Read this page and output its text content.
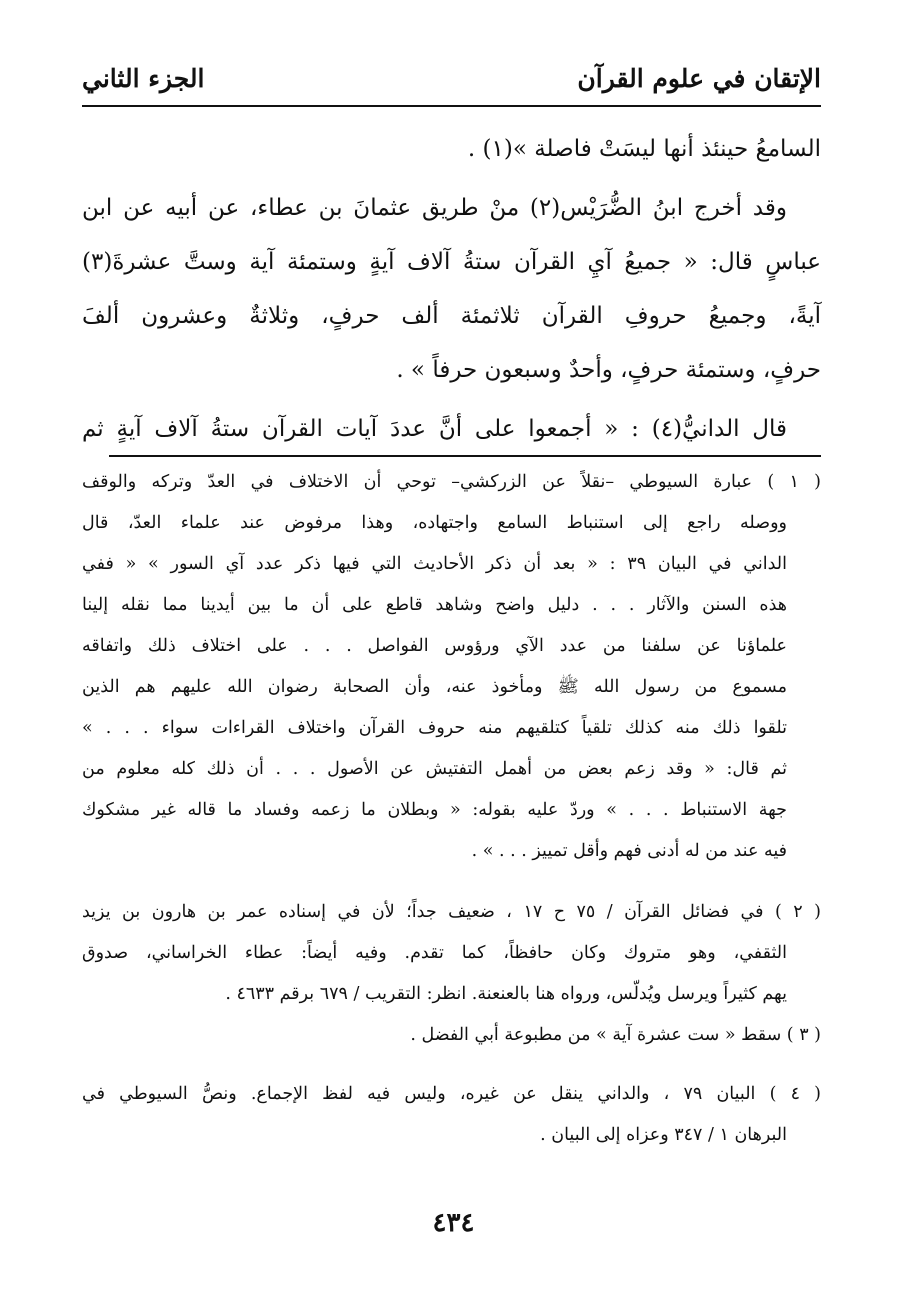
الإتقان في علوم القرآن
الجزء الثاني
السامعُ حينئذ أنها ليسَتْ فاصلة »(١) .
وقد أخرج ابنُ الضُّرَيْس(٢) منْ طريق عثمانَ بن عطاء، عن أبيه عن ابن
عباسٍ قال: « جميعُ آيِ القرآن ستةُ آلاف آيةٍ وستمئة آية وستَّ عشرةَ(٣)
آيةً، وجميعُ حروفِ القرآن ثلاثمئة ألف حرفٍ، وثلاثةٌ وعشرون ألفَ
حرفٍ، وستمئة حرفٍ، وأحدٌ وسبعون حرفاً » .
قال الدانيُّ(٤) : « أجمعوا على أنَّ عددَ آيات القرآن ستةُ آلاف آيةٍ ثم
( ١ ) عبارة السيوطي –نقلاً عن الزركشي– توحي أن الاختلاف في العدّ وتركه والوقف
ووصله راجع إلى استنباط السامع واجتهاده، وهذا مرفوض عند علماء العدّ، قال
الداني في البيان ٣٩ : « بعد أن ذكر الأحاديث التي فيها ذكر عدد آي السور » « ففي
هذه السنن والآثار . . . دليل واضح وشاهد قاطع على أن ما بين أيدينا مما نقله إلينا
علماؤنا عن سلفنا من عدد الآي ورؤوس الفواصل . . . على اختلاف ذلك واتفاقه
مسموع من رسول الله ﷺ ومأخوذ عنه، وأن الصحابة رضوان الله عليهم هم الذين
تلقوا ذلك منه كذلك تلقياً كتلقيهم منه حروف القرآن واختلاف القراءات سواء . . . »
ثم قال: « وقد زعم بعض من أهمل التفتيش عن الأصول . . . أن ذلك كله معلوم من
جهة الاستنباط . . . » وردّ عليه بقوله: « وبطلان ما زعمه وفساد ما قاله غير مشكوك
فيه عند من له أدنى فهم وأقل تمييز . . . » .
( ٢ ) في فضائل القرآن / ٧٥ ح ١٧ ، ضعيف جداً؛ لأن في إسناده عمر بن هارون بن يزيد
الثقفي، وهو متروك وكان حافظاً، كما تقدم. وفيه أيضاً: عطاء الخراساني، صدوق
يهم كثيراً ويرسل ويُدلّس، ورواه هنا بالعنعنة. انظر: التقريب / ٦٧٩ برقم ٤٦٣٣ .
( ٣ ) سقط « ست عشرة آية » من مطبوعة أبي الفضل .
( ٤ ) البيان ٧٩ ، والداني ينقل عن غيره، وليس فيه لفظ الإجماع. ونصُّ السيوطي في
البرهان ١ / ٣٤٧ وعزاه إلى البيان .
٤٣٤
